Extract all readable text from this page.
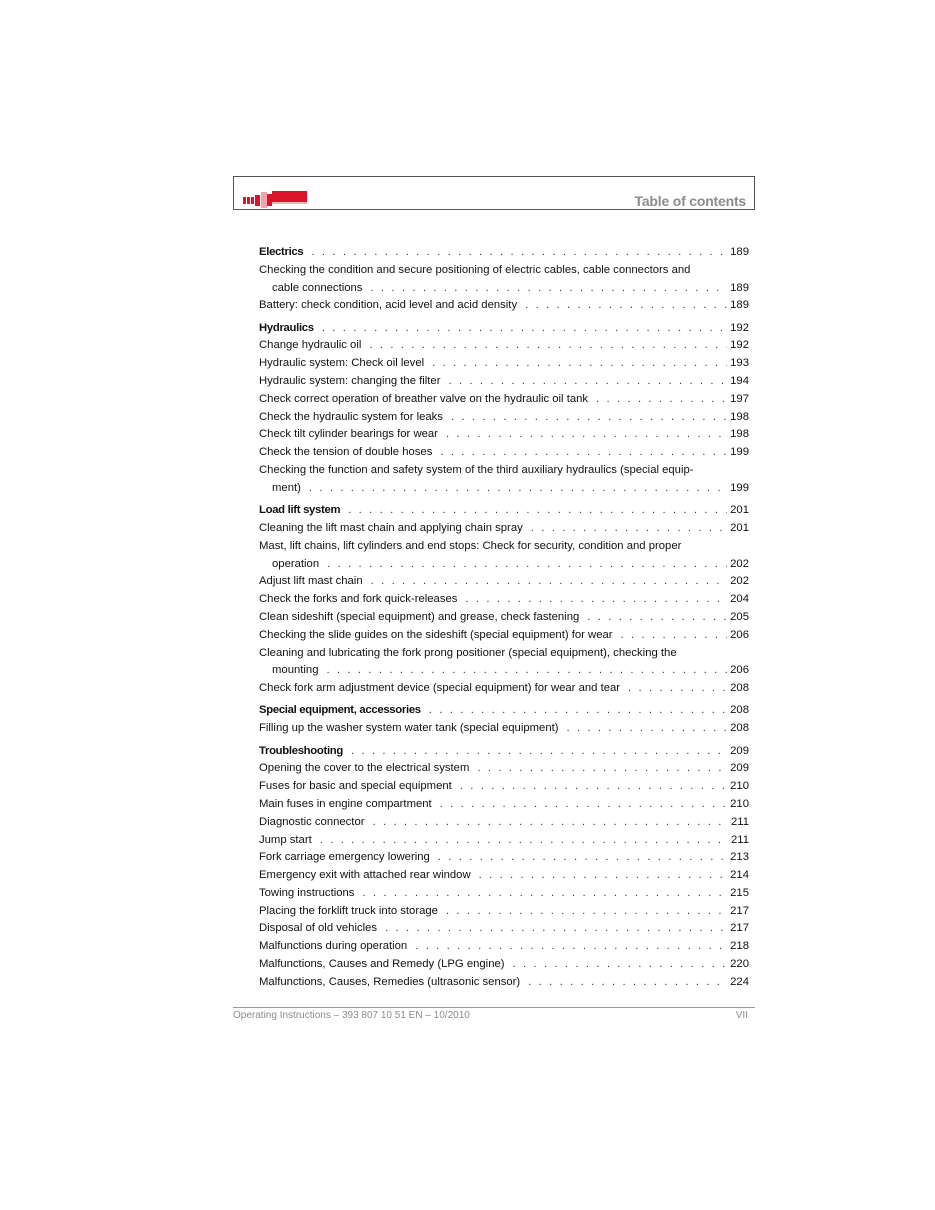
Table of contents
Electrics . . .	189
Checking the condition and secure positioning of electric cables, cable connectors and
cable connections . . .	189
Battery: check condition, acid level and acid density . . .	189
Hydraulics . . .	192
Change hydraulic oil . . .	192
Hydraulic system: Check oil level . . .	193
Hydraulic system: changing the filter . . .	194
Check correct operation of breather valve on the hydraulic oil tank . . .	197
Check the hydraulic system for leaks . . .	198
Check tilt cylinder bearings for wear . . .	198
Check the tension of double hoses . . .	199
Checking the function and safety system of the third auxiliary hydraulics (special equip-
ment) . . .	199
Load lift system . . .	201
Cleaning the lift mast chain and applying chain spray . . .	201
Mast, lift chains, lift cylinders and end stops: Check for security, condition and proper
operation . . .	202
Adjust lift mast chain . . .	202
Check the forks and fork quick-releases . . .	204
Clean sideshift (special equipment) and grease, check fastening . . .	205
Checking the slide guides on the sideshift (special equipment) for wear . . .	206
Cleaning and lubricating the fork prong positioner (special equipment), checking the
mounting . . .	206
Check fork arm adjustment device (special equipment) for wear and tear . . .	208
Special equipment, accessories . . .	208
Filling up the washer system water tank (special equipment) . . .	208
Troubleshooting . . .	209
Opening the cover to the electrical system . . .	209
Fuses for basic and special equipment . . .	210
Main fuses in engine compartment . . .	210
Diagnostic connector . . .	211
Jump start . . .	211
Fork carriage emergency lowering . . .	213
Emergency exit with attached rear window . . .	214
Towing instructions . . .	215
Placing the forklift truck into storage . . .	217
Disposal of old vehicles . . .	217
Malfunctions during operation . . .	218
Malfunctions, Causes and Remedy (LPG engine) . . .	220
Malfunctions, Causes, Remedies (ultrasonic sensor) . . .	224
Operating Instructions – 393 807 10 51 EN – 10/2010	VII
